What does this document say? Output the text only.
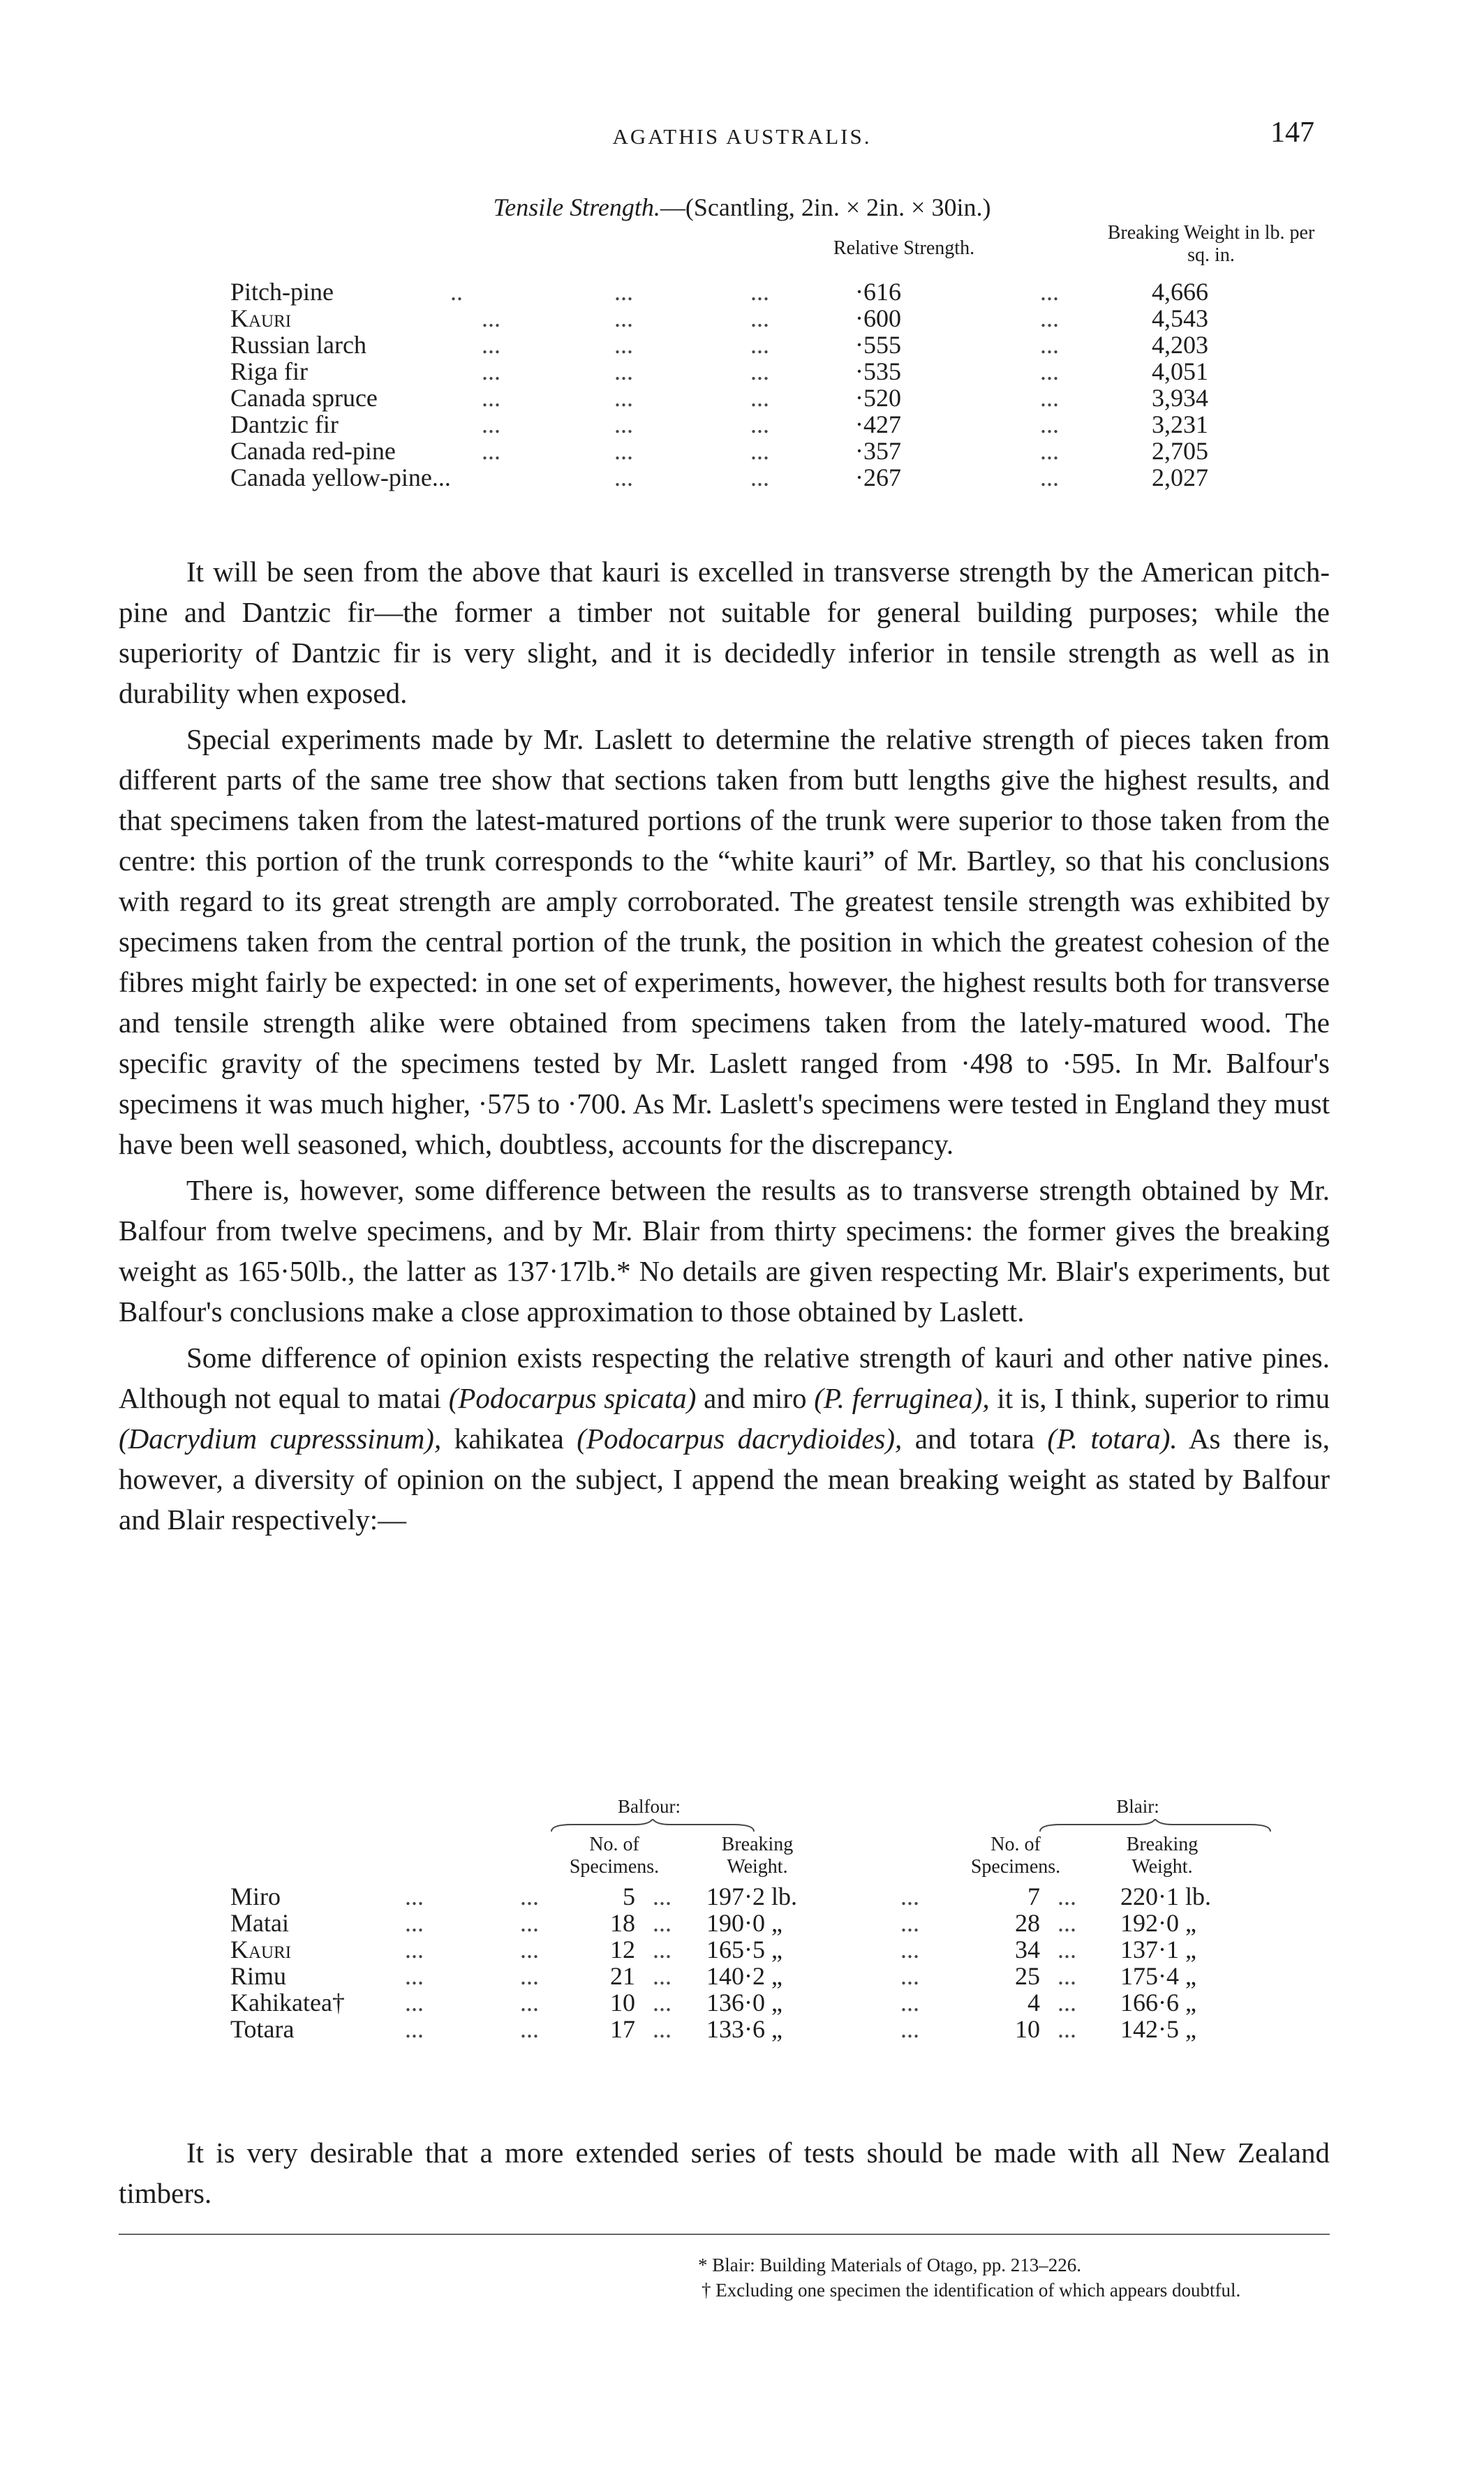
AGATHIS AUSTRALIS.	147
Tensile Strength.—(Scantling, 2in. × 2in. × 30in.)
Relative Strength.
Breaking Weight in lb. per sq. in.
Pitch-pine	..	...	...	·616	...	4,666
Kauri	...	...	...	·600	...	4,543
Russian larch	...	...	...	·555	...	4,203
Riga fir	...	...	...	·535	...	4,051
Canada spruce	...	...	...	·520	...	3,934
Dantzic fir	...	...	...	·427	...	3,231
Canada red-pine	...	...	...	·357	...	2,705
Canada yellow-pine...	...	...	·267	...	2,027

It will be seen from the above that kauri is excelled in transverse strength by the American pitch-pine and Dantzic fir—the former a timber not suitable for general building purposes; while the superiority of Dantzic fir is very slight, and it is decidedly inferior in tensile strength as well as in durability when exposed.

Special experiments made by Mr. Laslett to determine the relative strength of pieces taken from different parts of the same tree show that sections taken from butt lengths give the highest results, and that specimens taken from the latest-matured portions of the trunk were superior to those taken from the centre: this portion of the trunk corresponds to the “white kauri” of Mr. Bartley, so that his conclusions with regard to its great strength are amply corroborated. The greatest tensile strength was exhibited by specimens taken from the central portion of the trunk, the position in which the greatest cohesion of the fibres might fairly be expected: in one set of experiments, however, the highest results both for transverse and tensile strength alike were obtained from specimens taken from the lately-matured wood. The specific gravity of the specimens tested by Mr. Laslett ranged from ·498 to ·595. In Mr. Balfour's specimens it was much higher, ·575 to ·700. As Mr. Laslett's specimens were tested in England they must have been well seasoned, which, doubtless, accounts for the discrepancy.

There is, however, some difference between the results as to transverse strength obtained by Mr. Balfour from twelve specimens, and by Mr. Blair from thirty specimens: the former gives the breaking weight as 165·50lb., the latter as 137·17lb.* No details are given respecting Mr. Blair's experiments, but Balfour's conclusions make a close approximation to those obtained by Laslett.

Some difference of opinion exists respecting the relative strength of kauri and other native pines. Although not equal to matai (Podocarpus spicata) and miro (P. ferruginea), it is, I think, superior to rimu (Dacrydium cupresssinum), kahikatea (Podocarpus dacrydioides), and totara (P. totara). As there is, however, a diversity of opinion on the subject, I append the mean breaking weight as stated by Balfour and Blair respectively:—

Balfour:	Blair:
No. of Specimens.
Breaking Weight.
No. of Specimens.
Breaking Weight.
Miro	...	...	5 ... 197·2 lb.	...	7 ... 220·1 lb.
Matai	...	...	18 ... 190·0 „	...	28 ... 192·0 „
Kauri	...	...	12 ... 165·5 „	...	34 ... 137·1 „
Rimu	...	...	21 ... 140·2 „	...	25 ... 175·4 „
Kahikatea† ...	...	10 ... 136·0 „	...	4 ... 166·6 „
Totara	...	...	17 ... 133·6 „	...	10 ... 142·5 „

It is very desirable that a more extended series of tests should be made with all New Zealand timbers.

* Blair: Building Materials of Otago, pp. 213–226.
† Excluding one specimen the identification of which appears doubtful.
